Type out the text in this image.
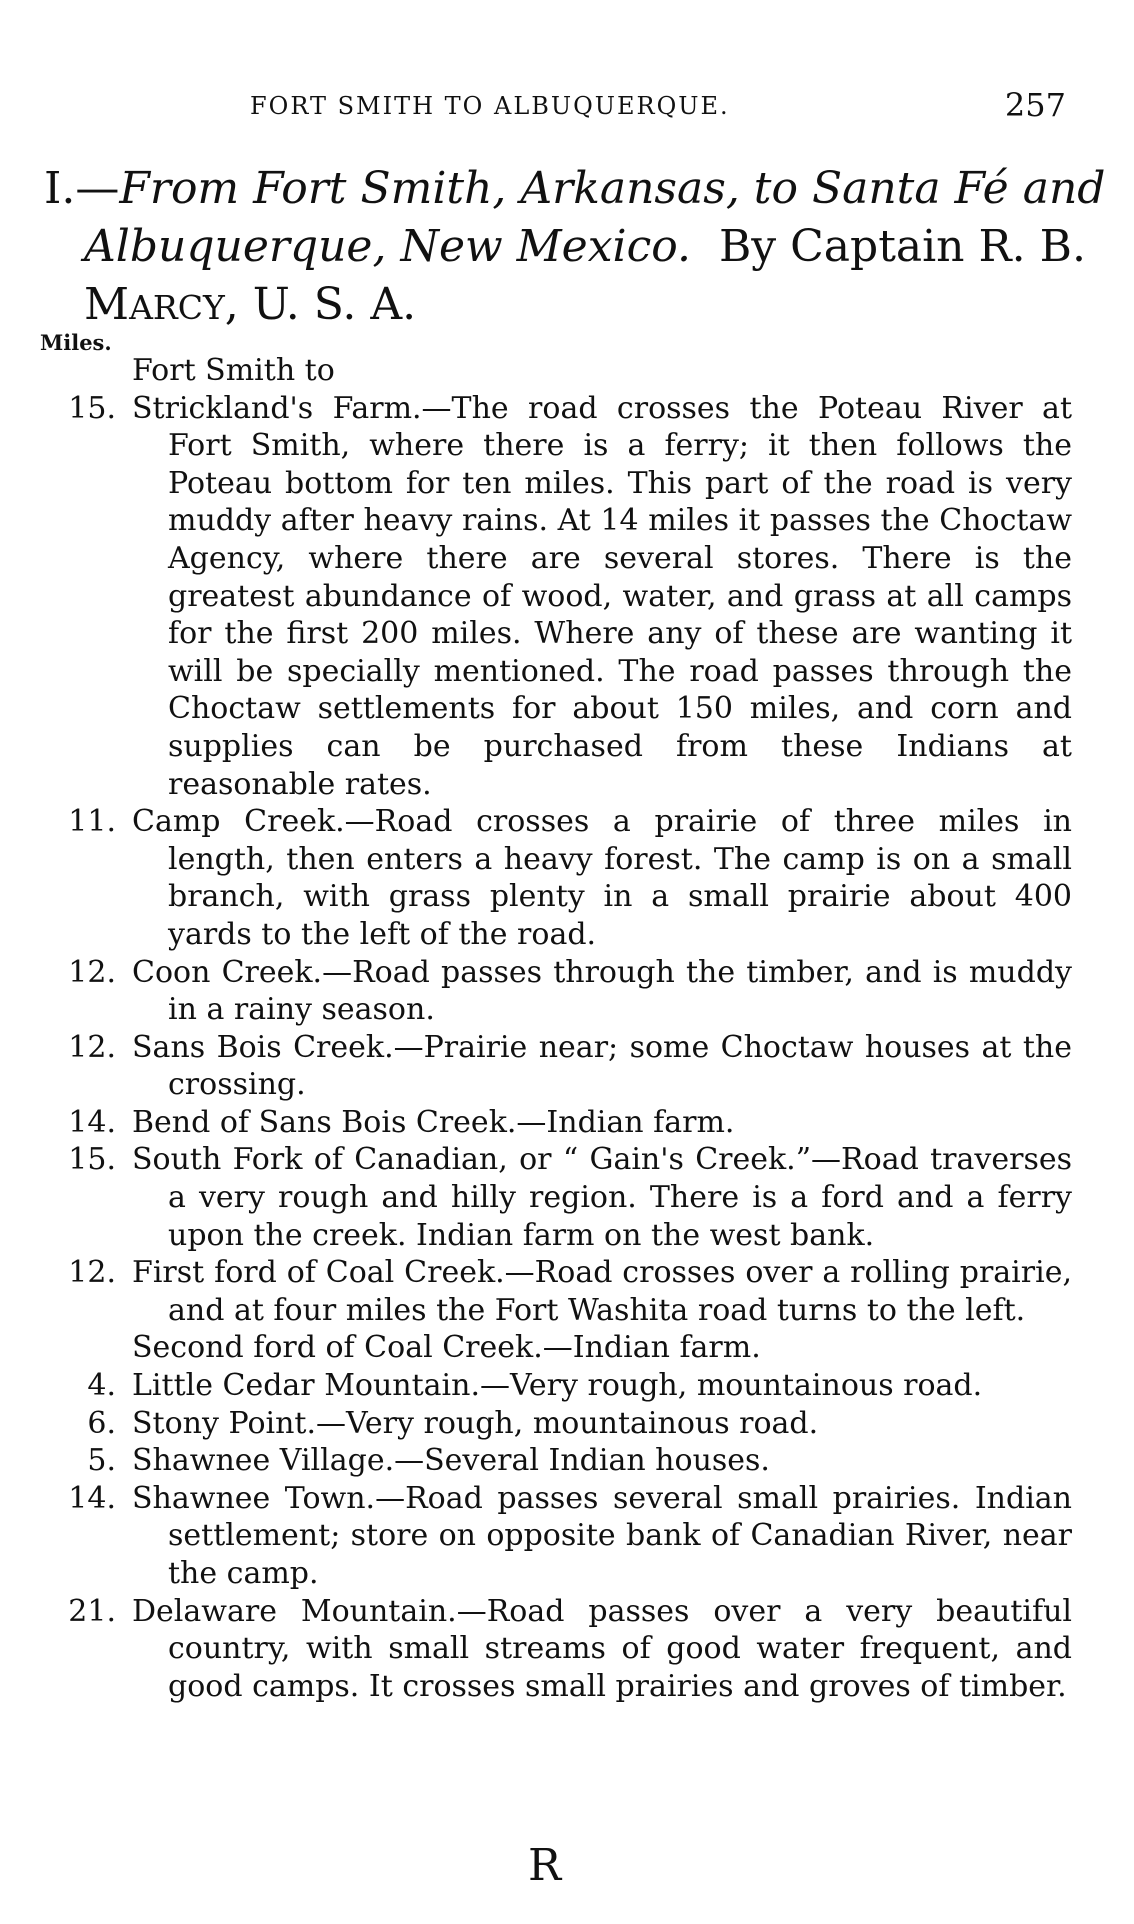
FORT SMITH TO ALBUQUERQUE.	257
I.—From Fort Smith, Arkansas, to Santa Fé and
Albuquerque, New Mexico. By Captain R. B.
MARCY, U. S. A.
Miles.
Fort Smith to
15. Strickland's Farm.—The road crosses the Poteau River at Fort Smith, where there is a ferry; it then follows the Poteau bottom for ten miles. This part of the road is very muddy after heavy rains. At 14 miles it passes the Choctaw Agency, where there are several stores. There is the greatest abundance of wood, water, and grass at all camps for the first 200 miles. Where any of these are wanting it will be specially mentioned. The road passes through the Choctaw settlements for about 150 miles, and corn and supplies can be purchased from these Indians at reasonable rates.
11. Camp Creek.—Road crosses a prairie of three miles in length, then enters a heavy forest. The camp is on a small branch, with grass plenty in a small prairie about 400 yards to the left of the road.
12. Coon Creek.—Road passes through the timber, and is muddy in a rainy season.
12. Sans Bois Creek.—Prairie near; some Choctaw houses at the crossing.
14. Bend of Sans Bois Creek.—Indian farm.
15. South Fork of Canadian, or “ Gain's Creek.”—Road traverses a very rough and hilly region. There is a ford and a ferry upon the creek. Indian farm on the west bank.
12. First ford of Coal Creek.—Road crosses over a rolling prairie, and at four miles the Fort Washita road turns to the left.
Second ford of Coal Creek.—Indian farm.
4. Little Cedar Mountain.—Very rough, mountainous road.
6. Stony Point.—Very rough, mountainous road.
5. Shawnee Village.—Several Indian houses.
14. Shawnee Town.—Road passes several small prairies. Indian settlement; store on opposite bank of Canadian River, near the camp.
21. Delaware Mountain.—Road passes over a very beautiful country, with small streams of good water frequent, and good camps. It crosses small prairies and groves of timber.
R
